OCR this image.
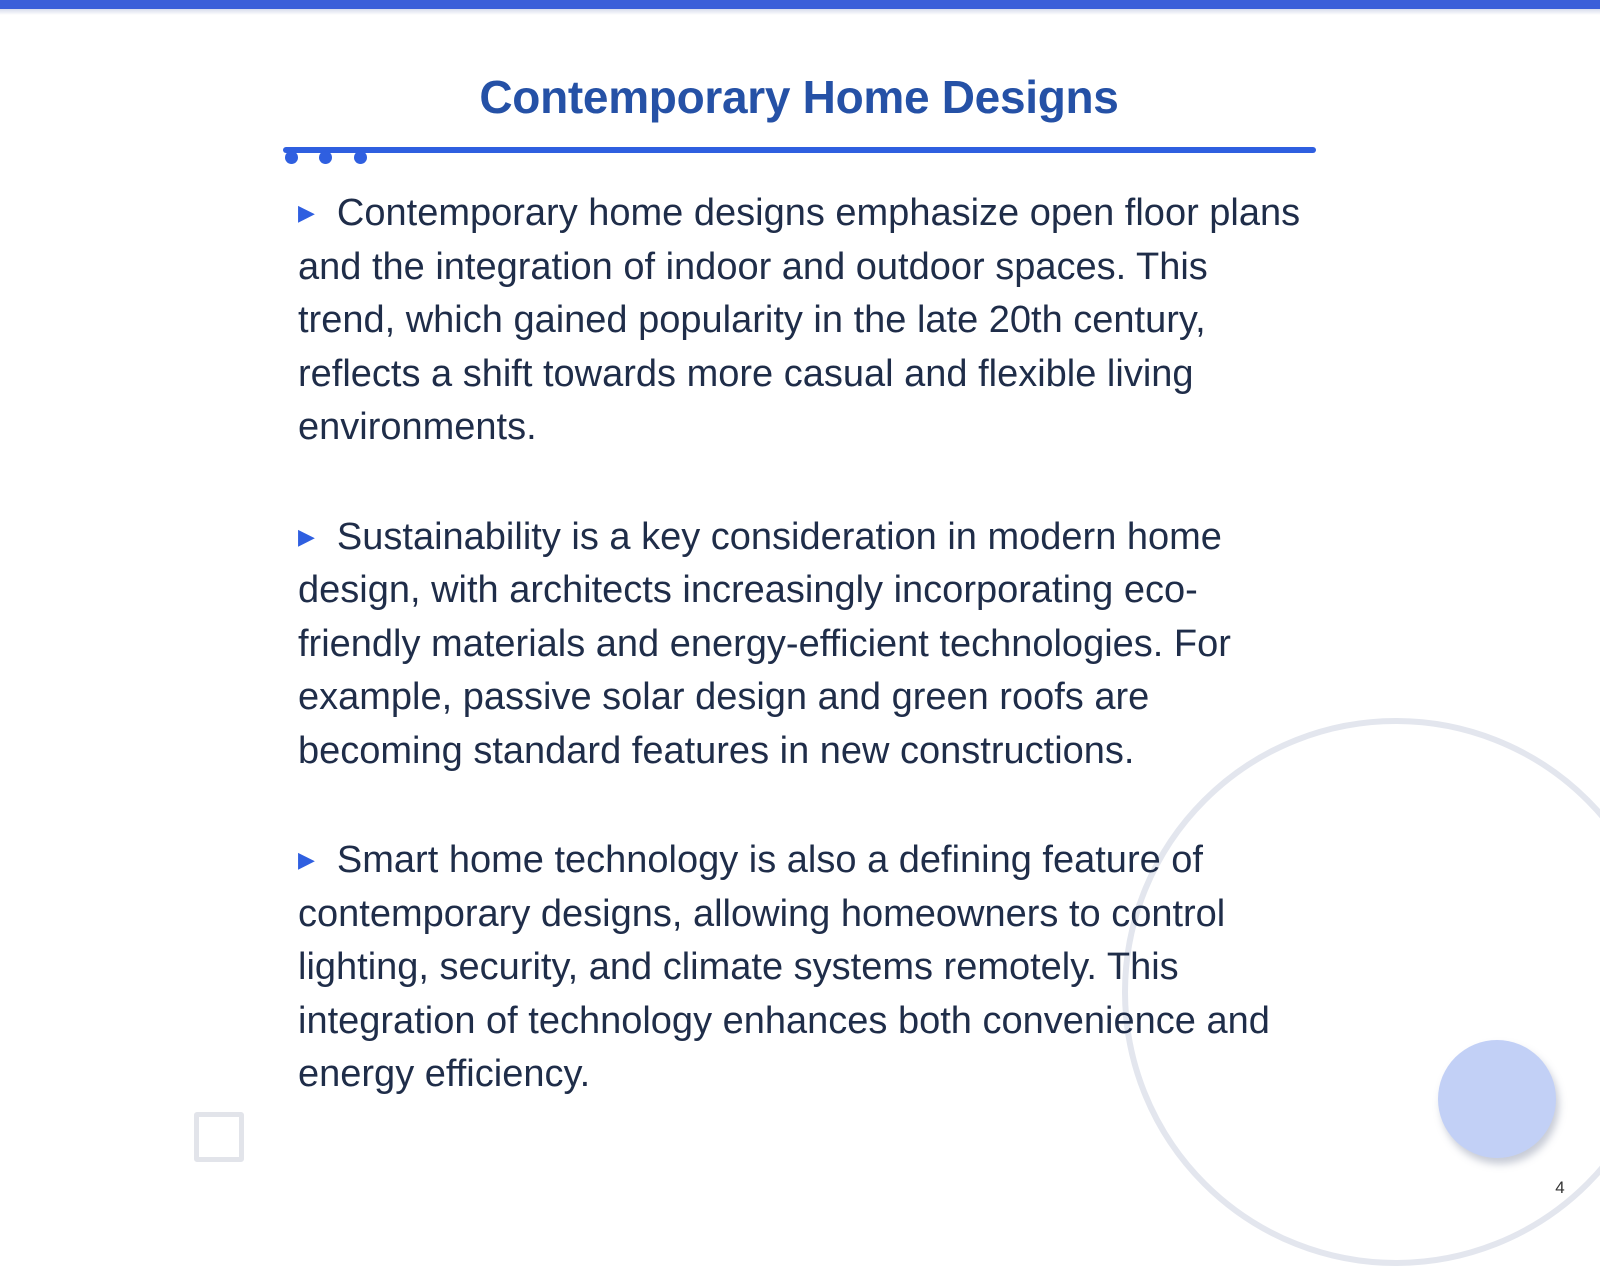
Contemporary Home Designs

▶ Contemporary home designs emphasize open floor plans and the integration of indoor and outdoor spaces. This trend, which gained popularity in the late 20th century, reflects a shift towards more casual and flexible living environments.

▶ Sustainability is a key consideration in modern home design, with architects increasingly incorporating eco-friendly materials and energy-efficient technologies. For example, passive solar design and green roofs are becoming standard features in new constructions.

▶ Smart home technology is also a defining feature of contemporary designs, allowing homeowners to control lighting, security, and climate systems remotely. This integration of technology enhances both convenience and energy efficiency.

4
